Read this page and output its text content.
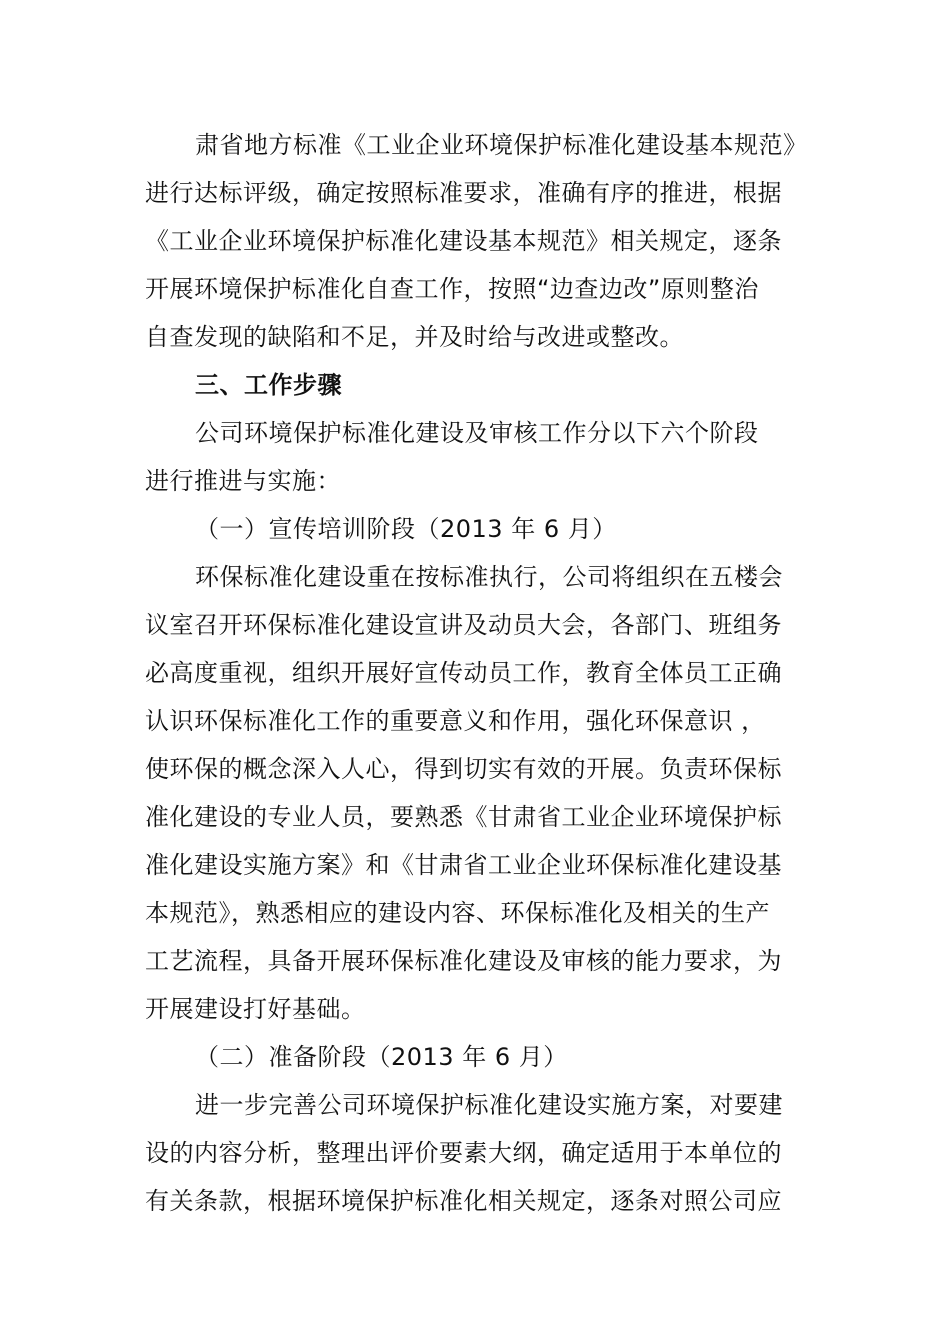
肃省地方标准《工业企业环境保护标准化建设基本规范》
进行达标评级，确定按照标准要求，准确有序的推进，根据
《工业企业环境保护标准化建设基本规范》相关规定，逐条
开展环境保护标准化自查工作，按照“边查边改”原则整治
自查发现的缺陷和不足，并及时给与改进或整改。
三、工作步骤
公司环境保护标准化建设及审核工作分以下六个阶段
进行推进与实施：
（一）宣传培训阶段（2013 年 6 月）
环保标准化建设重在按标准执行，公司将组织在五楼会
议室召开环保标准化建设宣讲及动员大会，各部门、班组务
必高度重视，组织开展好宣传动员工作，教育全体员工正确
认识环保标准化工作的重要意义和作用，强化环保意识 ，
使环保的概念深入人心，得到切实有效的开展。负责环保标
准化建设的专业人员，要熟悉《甘肃省工业企业环境保护标
准化建设实施方案》和《甘肃省工业企业环保标准化建设基
本规范》，熟悉相应的建设内容、环保标准化及相关的生产
工艺流程，具备开展环保标准化建设及审核的能力要求，为
开展建设打好基础。
（二）准备阶段（2013 年 6 月）
进一步完善公司环境保护标准化建设实施方案，对要建
设的内容分析，整理出评价要素大纲，确定适用于本单位的
有关条款，根据环境保护标准化相关规定，逐条对照公司应
